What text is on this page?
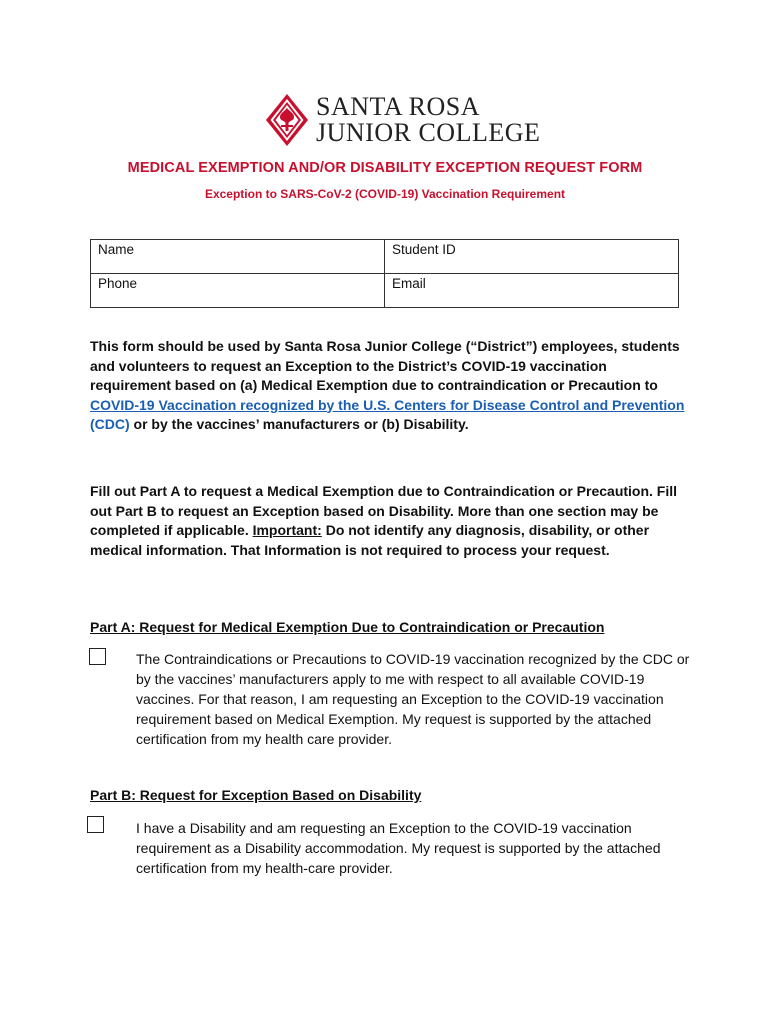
SANTA ROSA
JUNIOR COLLEGE
MEDICAL EXEMPTION AND/OR DISABILITY EXCEPTION REQUEST FORM
Exception to SARS-CoV-2 (COVID-19) Vaccination Requirement
Name	Student ID
Phone	Email
This form should be used by Santa Rosa Junior College (“District”) employees, students and volunteers to request an Exception to the District’s COVID-19 vaccination requirement based on (a) Medical Exemption due to contraindication or Precaution to COVID-19 Vaccination recognized by the U.S. Centers for Disease Control and Prevention (CDC) or by the vaccines’ manufacturers or (b) Disability.
Fill out Part A to request a Medical Exemption due to Contraindication or Precaution. Fill out Part B to request an Exception based on Disability. More than one section may be completed if applicable. Important: Do not identify any diagnosis, disability, or other medical information. That Information is not required to process your request.
Part A: Request for Medical Exemption Due to Contraindication or Precaution
The Contraindications or Precautions to COVID-19 vaccination recognized by the CDC or by the vaccines’ manufacturers apply to me with respect to all available COVID-19 vaccines. For that reason, I am requesting an Exception to the COVID-19 vaccination requirement based on Medical Exemption. My request is supported by the attached certification from my health care provider.
Part B: Request for Exception Based on Disability
I have a Disability and am requesting an Exception to the COVID-19 vaccination requirement as a Disability accommodation. My request is supported by the attached certification from my health-care provider.
